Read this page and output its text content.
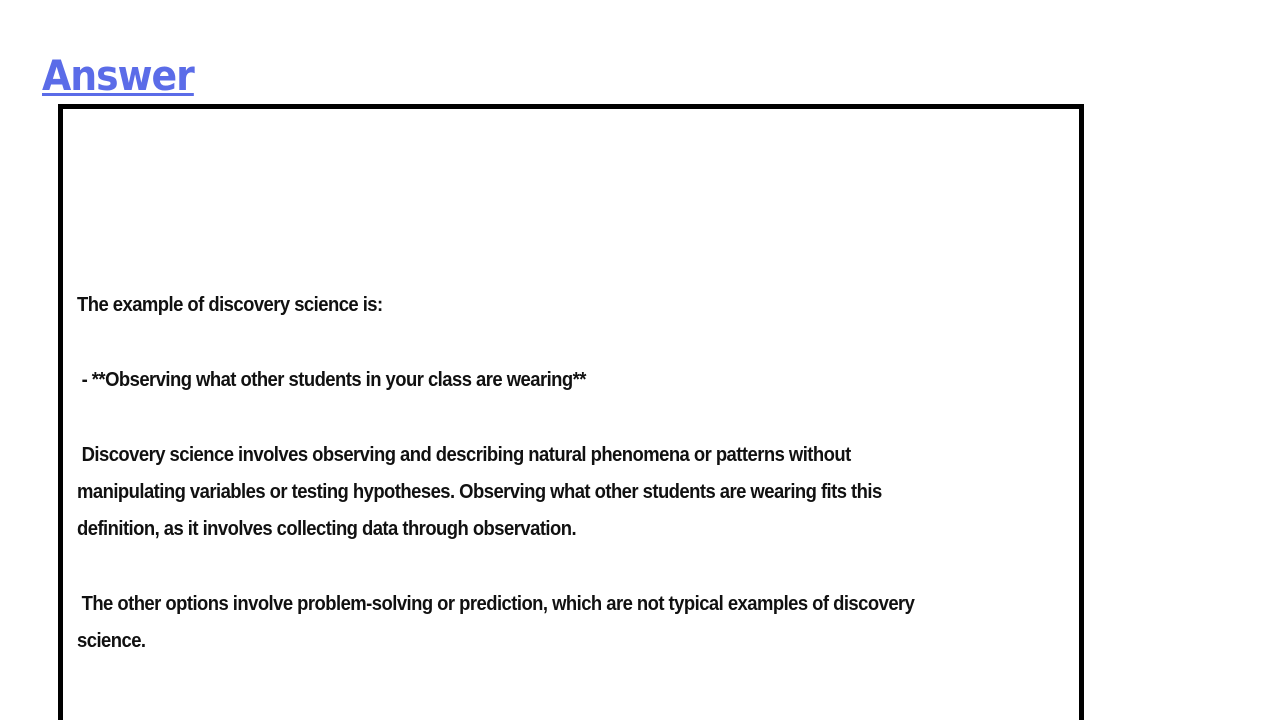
Answer

The example of discovery science is:

- **Observing what other students in your class are wearing**

Discovery science involves observing and describing natural phenomena or patterns without manipulating variables or testing hypotheses. Observing what other students are wearing fits this definition, as it involves collecting data through observation.

The other options involve problem-solving or prediction, which are not typical examples of discovery science.
